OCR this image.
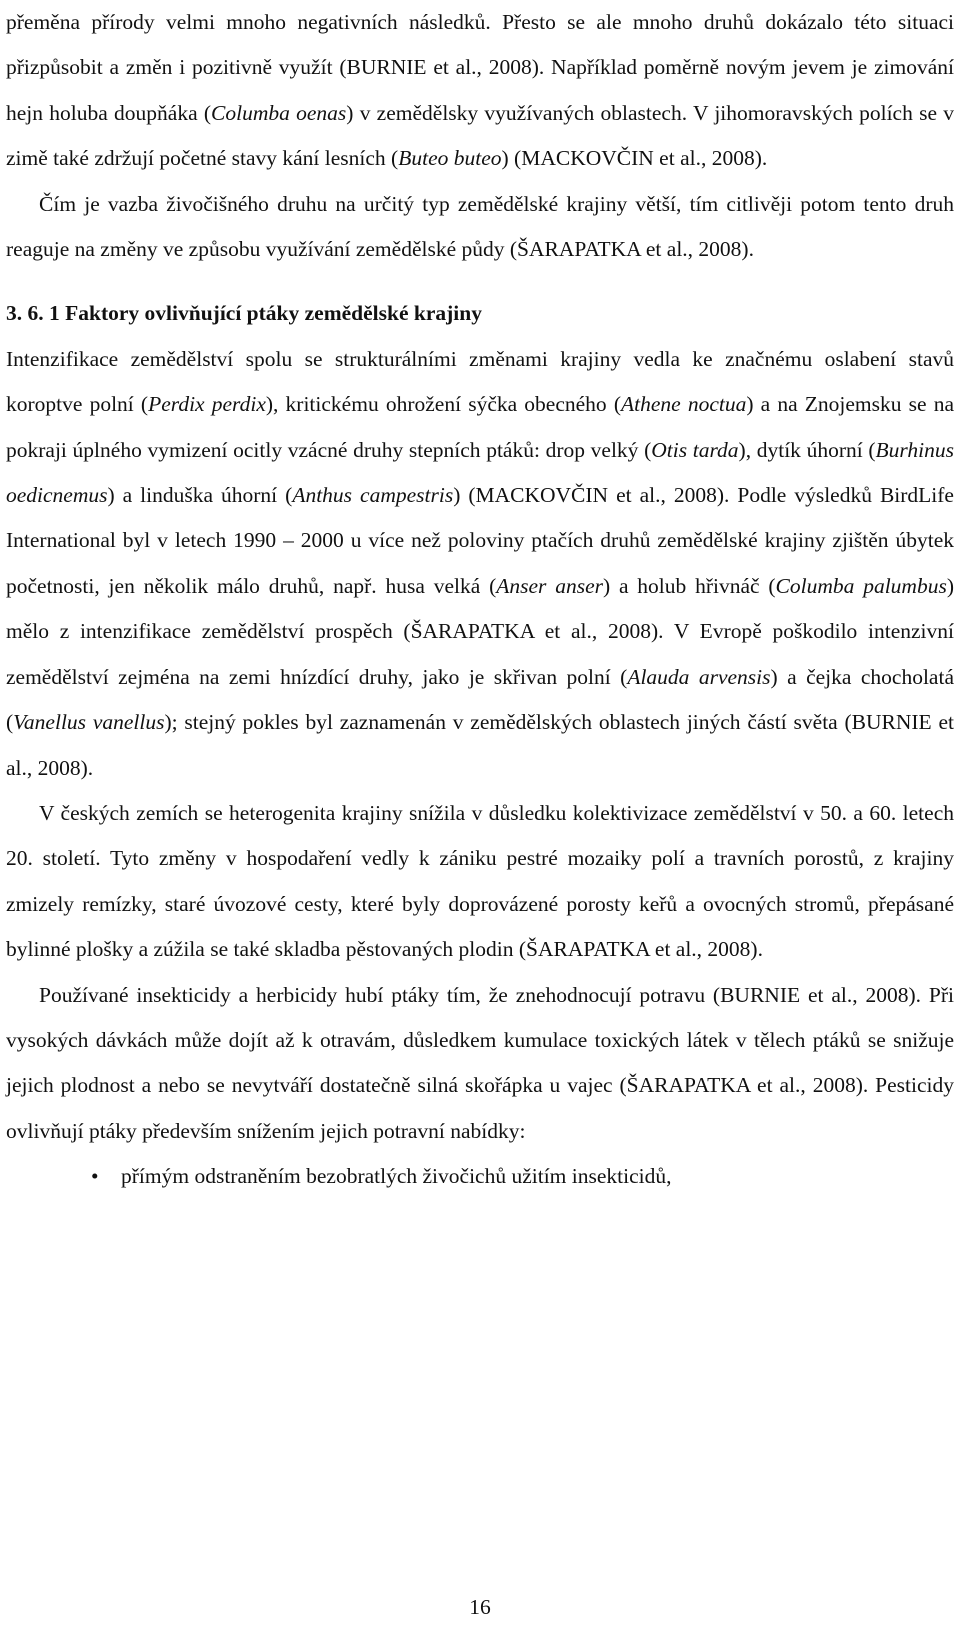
přeměna přírody velmi mnoho negativních následků. Přesto se ale mnoho druhů dokázalo této situaci přizpůsobit a změn i pozitivně využít (BURNIE et al., 2008). Například poměrně novým jevem je zimování hejn holuba doupňáka (Columba oenas) v zemědělsky využívaných oblastech. V jihomoravských polích se v zimě také zdržují početné stavy kání lesních (Buteo buteo) (MACKOVČIN et al., 2008).

Čím je vazba živočišného druhu na určitý typ zemědělské krajiny větší, tím citlivěji potom tento druh reaguje na změny ve způsobu využívání zemědělské půdy (ŠARAPATKA et al., 2008).

3. 6. 1 Faktory ovlivňující ptáky zemědělské krajiny

Intenzifikace zemědělství spolu se strukturálními změnami krajiny vedla ke značnému oslabení stavů koroptve polní (Perdix perdix), kritickému ohrožení sýčka obecného (Athene noctua) a na Znojemsku se na pokraji úplného vymizení ocitly vzácné druhy stepních ptáků: drop velký (Otis tarda), dytík úhorní (Burhinus oedicnemus) a linduška úhorní (Anthus campestris) (MACKOVČIN et al., 2008). Podle výsledků BirdLife International byl v letech 1990 – 2000 u více než poloviny ptačích druhů zemědělské krajiny zjištěn úbytek početnosti, jen několik málo druhů, např. husa velká (Anser anser) a holub hřivnáč (Columba palumbus) mělo z intenzifikace zemědělství prospěch (ŠARAPATKA et al., 2008). V Evropě poškodilo intenzivní zemědělství zejména na zemi hnízdící druhy, jako je skřivan polní (Alauda arvensis) a čejka chocholatá (Vanellus vanellus); stejný pokles byl zaznamenán v zemědělských oblastech jiných částí světa (BURNIE et al., 2008).

V českých zemích se heterogenita krajiny snížila v důsledku kolektivizace zemědělství v 50. a 60. letech 20. století. Tyto změny v hospodaření vedly k zániku pestré mozaiky polí a travních porostů, z krajiny zmizely remízky, staré úvozové cesty, které byly doprovázené porosty keřů a ovocných stromů, přepásané bylinné plošky a zúžila se také skladba pěstovaných plodin (ŠARAPATKA et al., 2008).

Používané insekticidy a herbicidy hubí ptáky tím, že znehodnocují potravu (BURNIE et al., 2008). Při vysokých dávkách může dojít až k otravám, důsledkem kumulace toxických látek v tělech ptáků se snižuje jejich plodnost a nebo se nevytváří dostatečně silná skořápka u vajec (ŠARAPATKA et al., 2008). Pesticidy ovlivňují ptáky především snížením jejich potravní nabídky:

• přímým odstraněním bezobratlých živočichů užitím insekticidů,
16
